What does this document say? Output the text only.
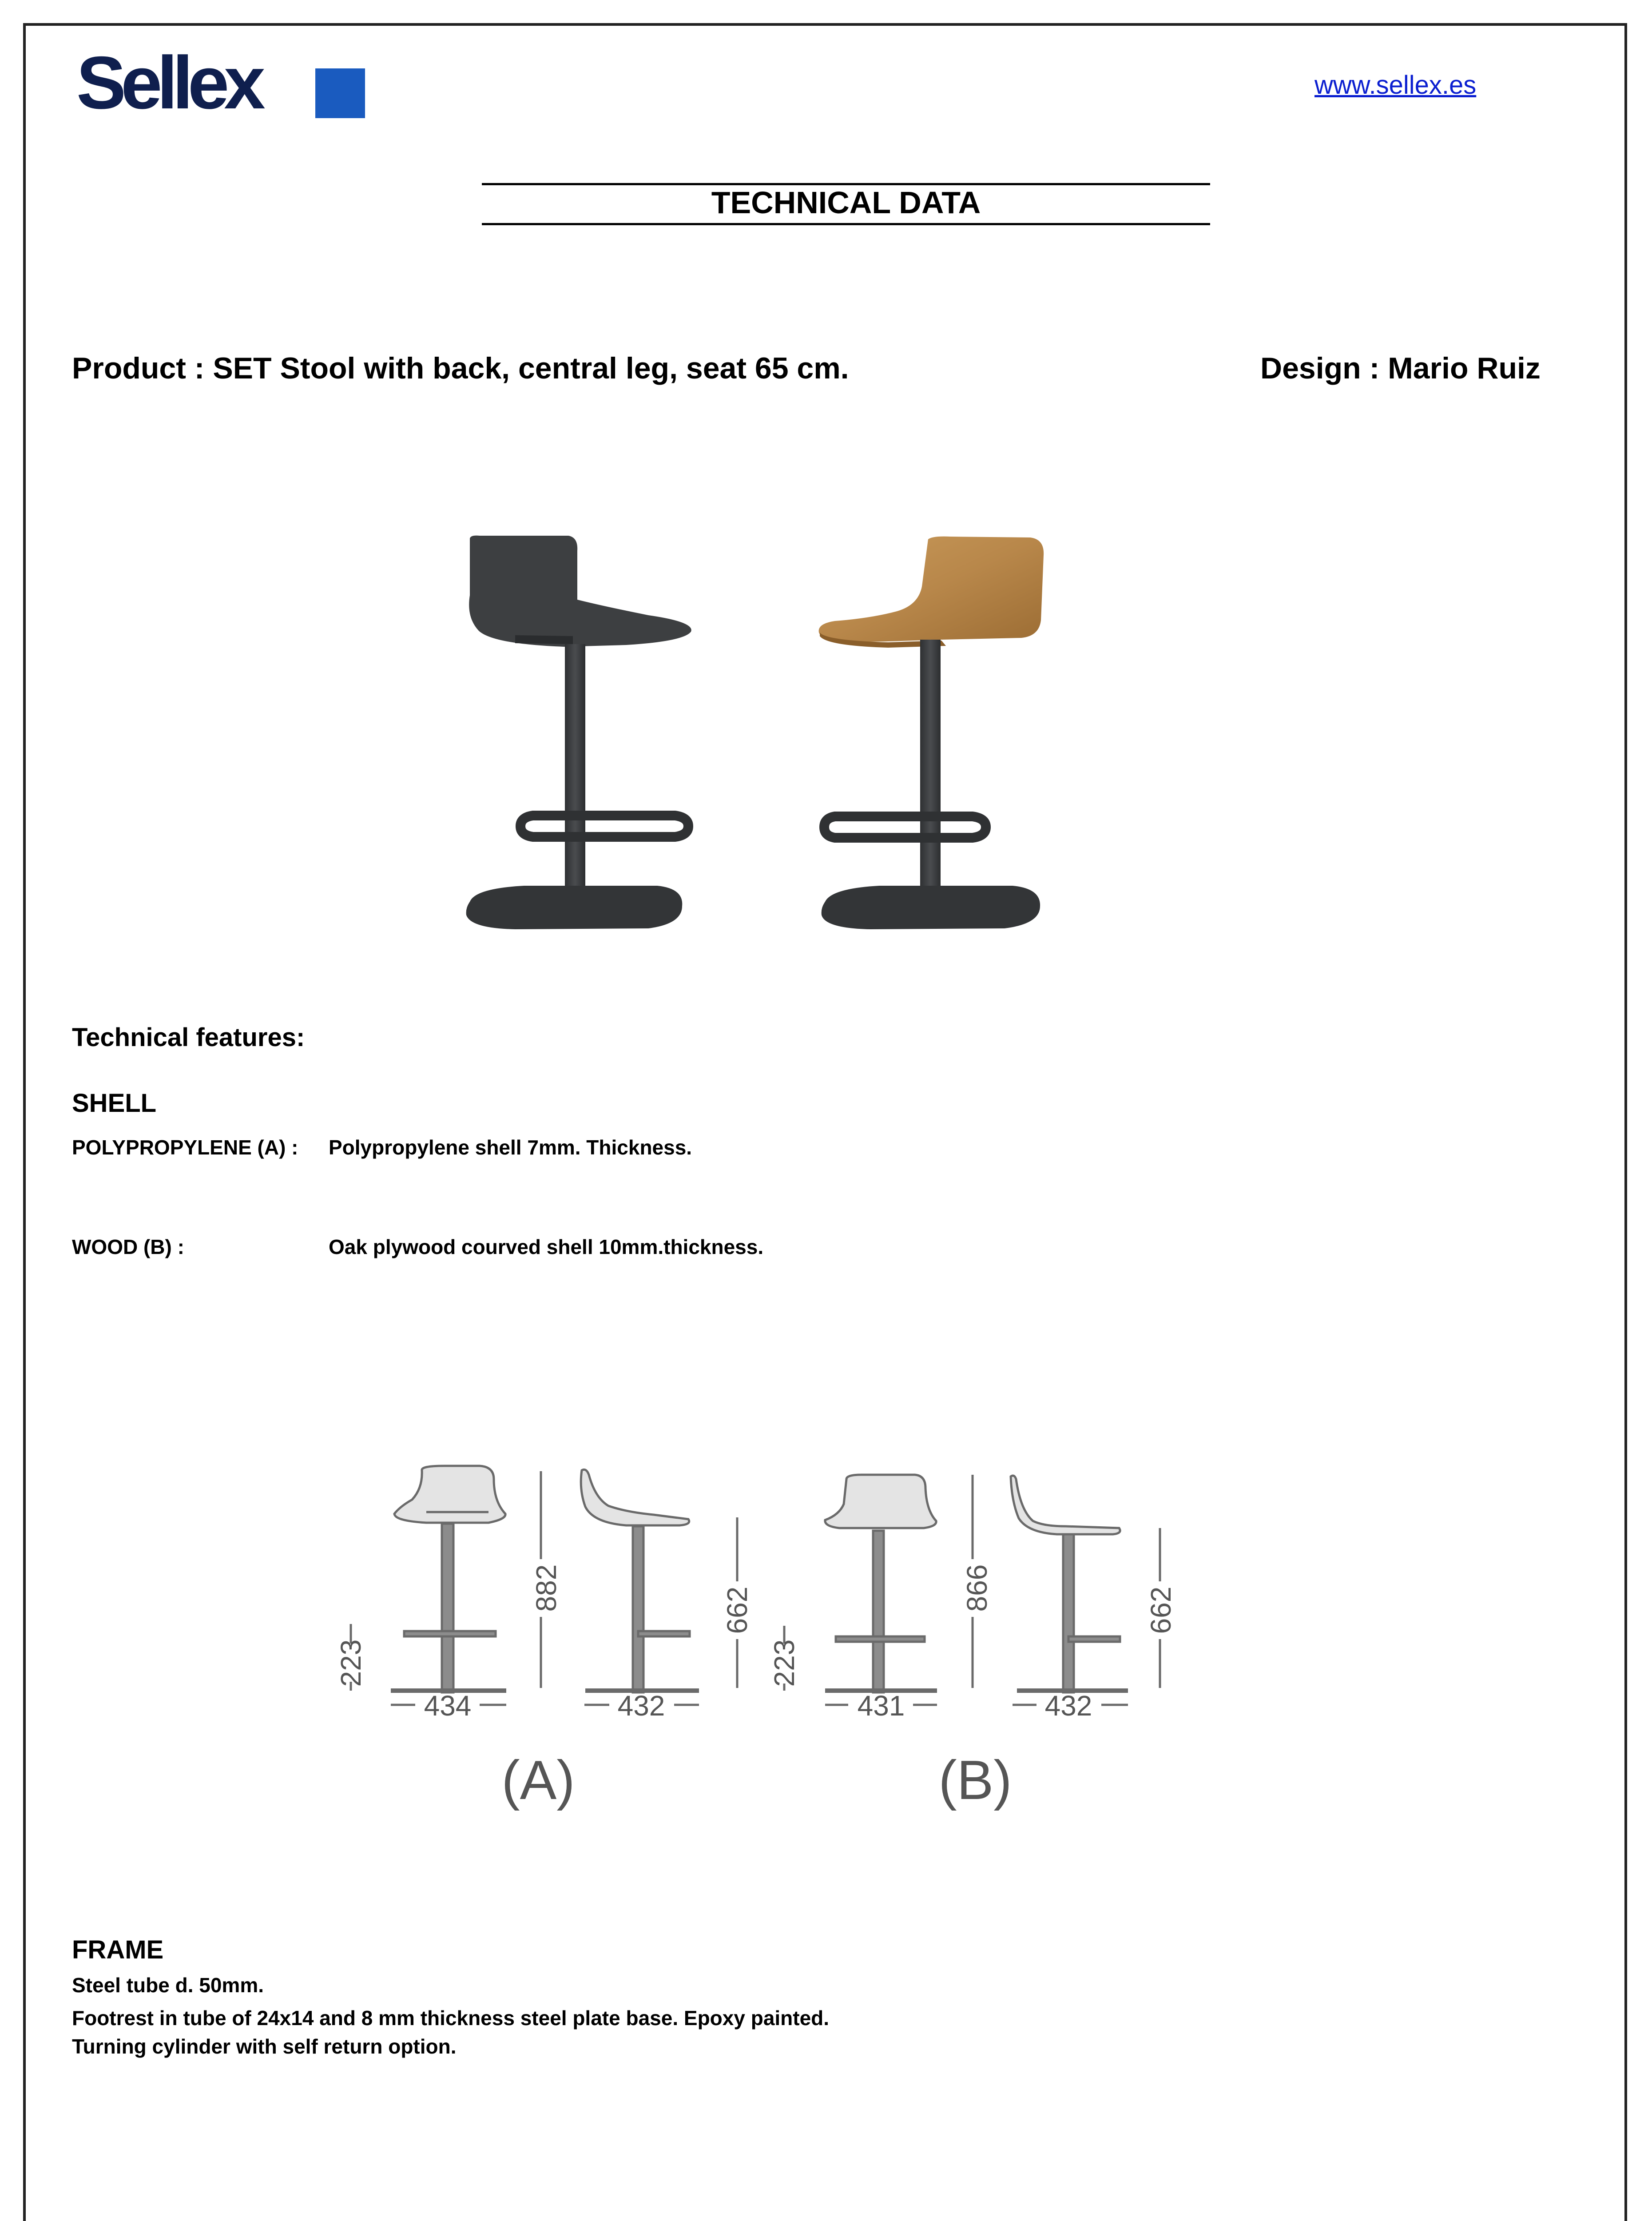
Sellex	www.sellex.es
TECHNICAL DATA
Product : SET Stool with back, central leg, seat 65 cm.	Design : Mario Ruiz
Technical features:
SHELL
POLYPROPYLENE (A) : Polypropylene shell 7mm. Thickness.
WOOD (B) :	Oak plywood courved shell 10mm.thickness.
434	432
882	662
223
431	432
866	662
223
(A)	(B)
FRAME
Steel tube d. 50mm.
Footrest in tube of 24x14 and 8 mm thickness steel plate base. Epoxy painted.
Turning cylinder with self return option.
